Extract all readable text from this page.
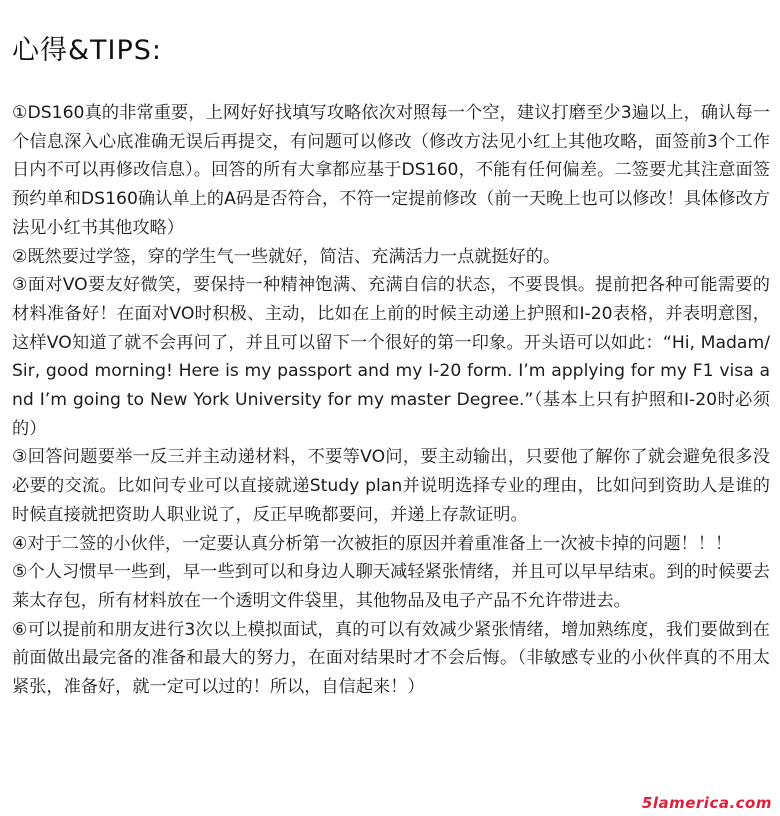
心得&TIPS:

①DS160真的非常重要，上网好好找填写攻略依次对照每一个空，建议打磨至少3遍以上，确认每一个信息深入心底准确无误后再提交，有问题可以修改（修改方法见小红上其他攻略，面签前3个工作日内不可以再修改信息）。回答的所有大拿都应基于DS160，不能有任何偏差。二签要尤其注意面签预约单和DS160确认单上的A码是否符合，不符一定提前修改（前一天晚上也可以修改！具体修改方法见小红书其他攻略）

②既然要过学签，穿的学生气一些就好，简洁、充满活力一点就挺好的。

③面对VO要友好微笑，要保持一种精神饱满、充满自信的状态，不要畏惧。提前把各种可能需要的材料准备好！在面对VO时积极、主动，比如在上前的时候主动递上护照和I-20表格，并表明意图，这样VO知道了就不会再问了，并且可以留下一个很好的第一印象。开头语可以如此：“Hi, Madam/Sir, good morning! Here is my passport and my I-20 form. I’m applying for my F1 visa and I’m going to New York University for my master Degree.”（基本上只有护照和I-20时必须的）

③回答问题要举一反三并主动递材料，不要等VO问，要主动输出，只要他了解你了就会避免很多没必要的交流。比如问专业可以直接就递Study plan并说明选择专业的理由，比如问到资助人是谁的时候直接就把资助人职业说了，反正早晚都要问，并递上存款证明。

④对于二签的小伙伴，一定要认真分析第一次被拒的原因并着重准备上一次被卡掉的问题！！！

⑤个人习惯早一些到，早一些到可以和身边人聊天减轻紧张情绪，并且可以早早结束。到的时候要去莱太存包，所有材料放在一个透明文件袋里，其他物品及电子产品不允许带进去。

⑥可以提前和朋友进行3次以上模拟面试，真的可以有效减少紧张情绪，增加熟练度，我们要做到在前面做出最完备的准备和最大的努力，在面对结果时才不会后悔。（非敏感专业的小伙伴真的不用太紧张，准备好，就一定可以过的！所以，自信起来！）

5lamerica.com
